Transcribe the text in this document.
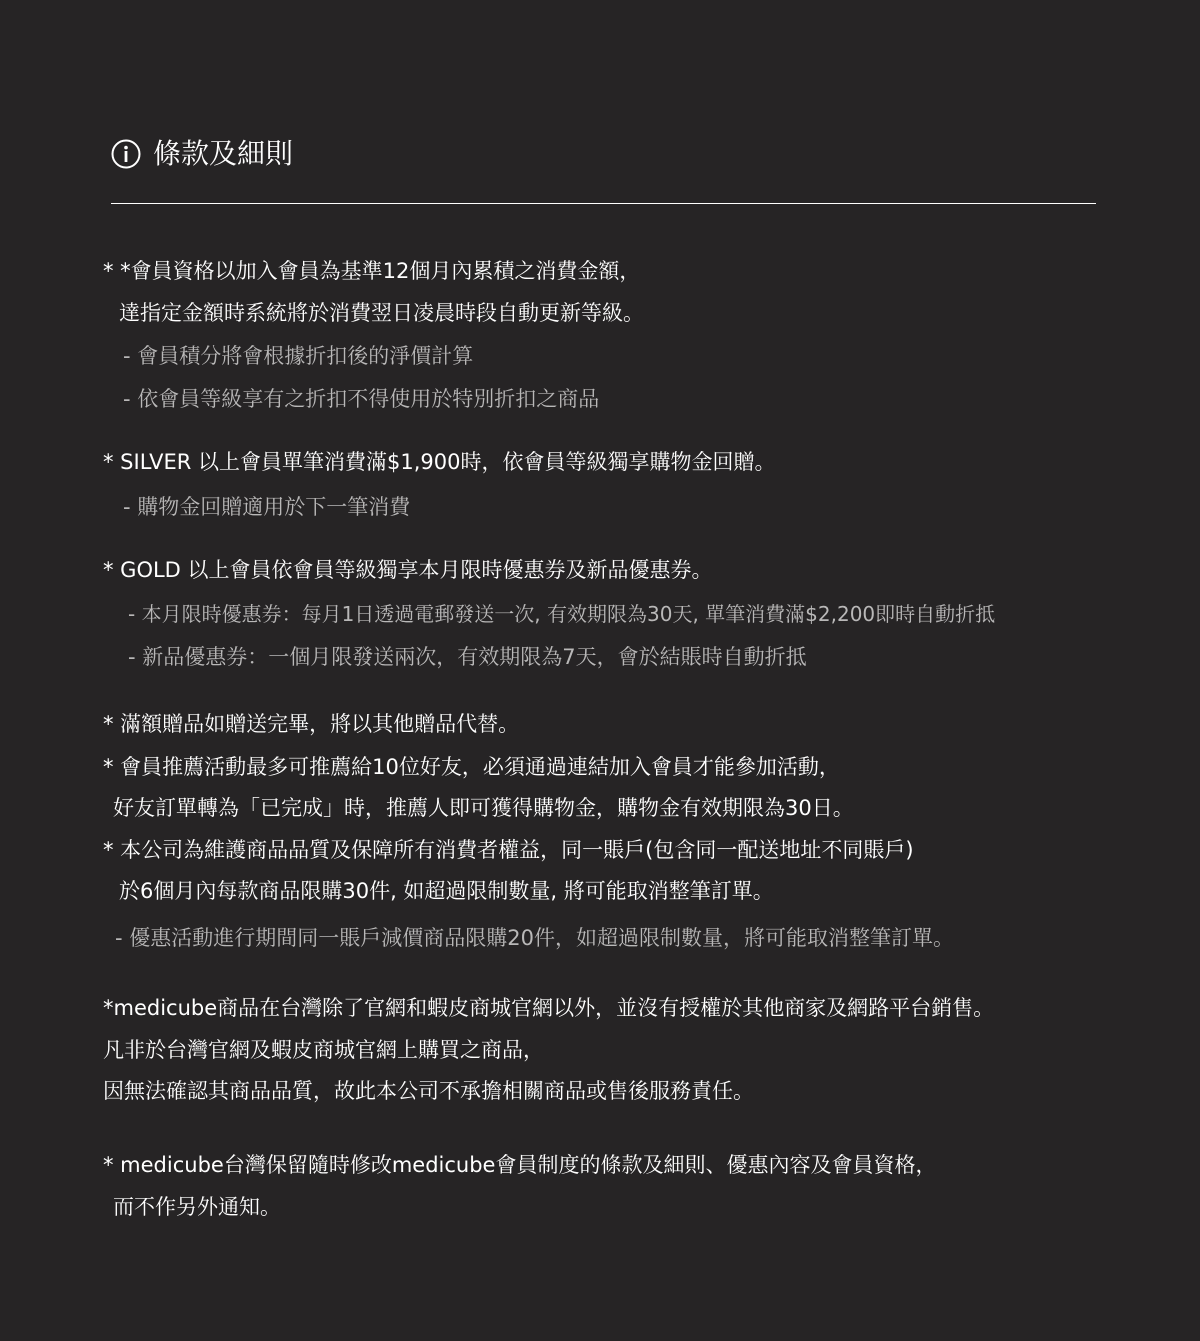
條款及細則
* *會員資格以加入會員為基準12個月內累積之消費金額，
達指定金額時系統將於消費翌日凌晨時段自動更新等級。
- 會員積分將會根據折扣後的淨價計算
- 依會員等級享有之折扣不得使用於特別折扣之商品
* SILVER 以上會員單筆消費滿$1,900時，依會員等級獨享購物金回贈。
- 購物金回贈適用於下一筆消費
* GOLD 以上會員依會員等級獨享本月限時優惠券及新品優惠券。
- 本月限時優惠券：每月1日透過電郵發送一次, 有效期限為30天, 單筆消費滿$2,200即時自動折抵
- 新品優惠券：一個月限發送兩次，有效期限為7天，會於結賬時自動折抵
* 滿額贈品如贈送完畢，將以其他贈品代替。
* 會員推薦活動最多可推薦給10位好友，必須通過連結加入會員才能參加活動，
好友訂單轉為「已完成」時，推薦人即可獲得購物金，購物金有效期限為30日。
* 本公司為維護商品品質及保障所有消費者權益，同一賬戶(包含同一配送地址不同賬戶)
於6個月內每款商品限購30件, 如超過限制數量, 將可能取消整筆訂單。
- 優惠活動進行期間同一賬戶減價商品限購20件，如超過限制數量，將可能取消整筆訂單。
*medicube商品在台灣除了官網和蝦皮商城官網以外，並沒有授權於其他商家及網路平台銷售。
凡非於台灣官網及蝦皮商城官網上購買之商品，
因無法確認其商品品質，故此本公司不承擔相關商品或售後服務責任。
* medicube台灣保留隨時修改medicube會員制度的條款及細則、優惠內容及會員資格，
而不作另外通知。
